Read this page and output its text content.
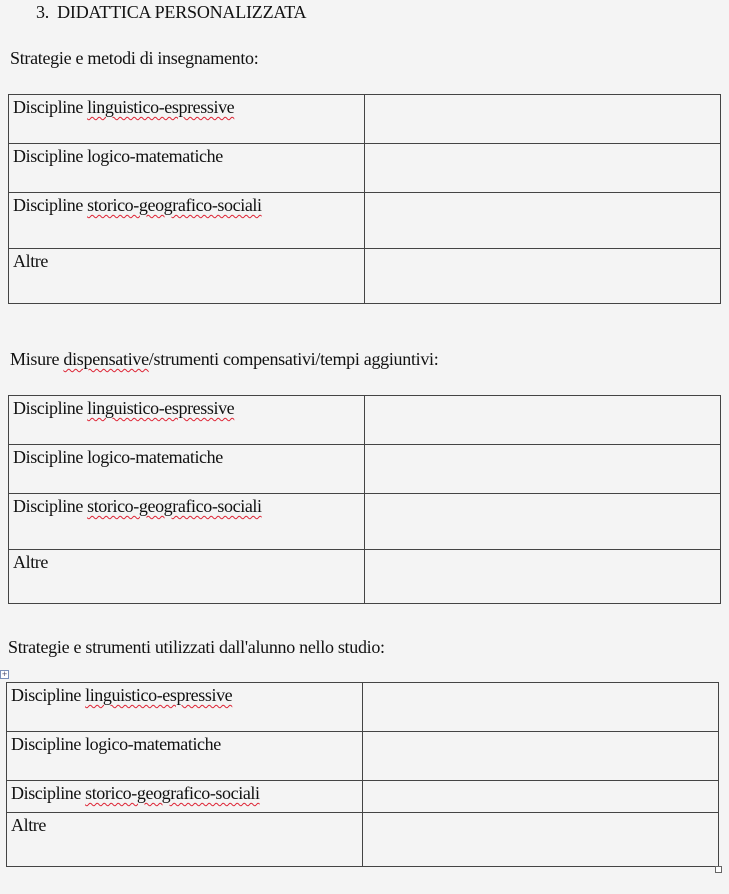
3. DIDATTICA PERSONALIZZATA
Strategie e metodi di insegnamento:
Discipline linguistico-espressive	
Discipline logico-matematiche	
Discipline storico-geografico-sociali	
Altre	
Misure dispensative/strumenti compensativi/tempi aggiuntivi:
Discipline linguistico-espressive	
Discipline logico-matematiche	
Discipline storico-geografico-sociali	
Altre	
Strategie e strumenti utilizzati dall'alunno nello studio:
+
Discipline linguistico-espressive	
Discipline logico-matematiche	
Discipline storico-geografico-sociali	
Altre	
